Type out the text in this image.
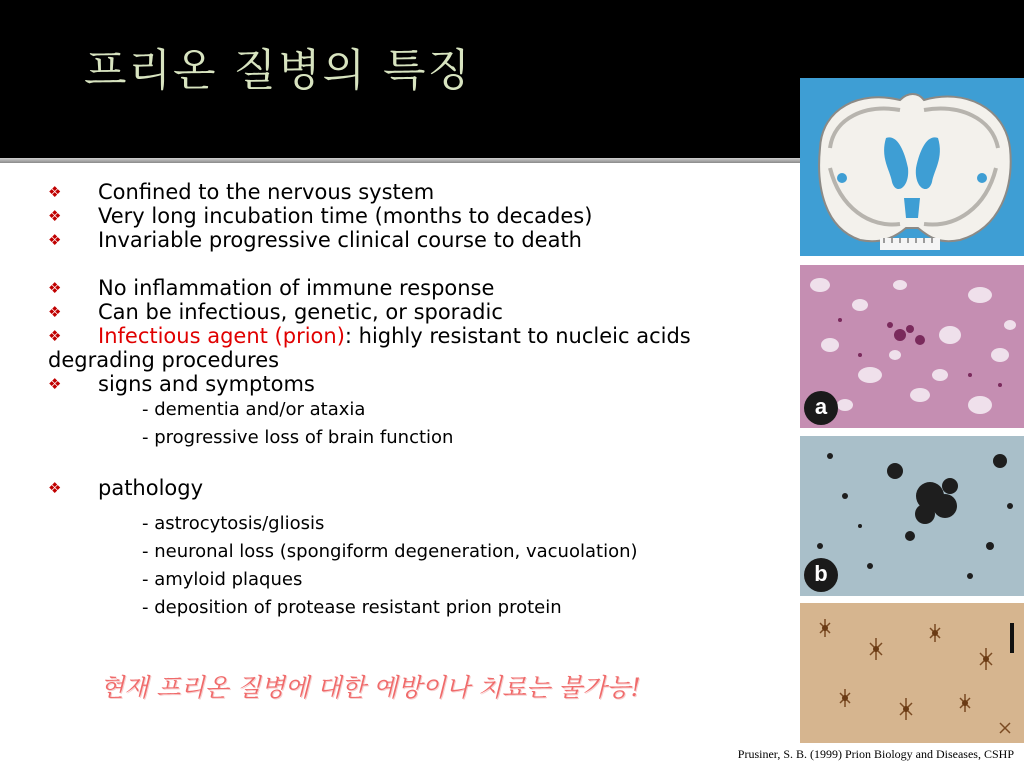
프리온 질병의 특징
❖ Confined to the nervous system
❖ Very long incubation time (months to decades)
❖ Invariable progressive clinical course to death
❖ No inflammation of immune response
❖ Can be infectious, genetic, or sporadic
❖ Infectious agent (prion): highly resistant to nucleic acids degrading procedures
❖ signs and symptoms
- dementia and/or ataxia
- progressive loss of brain function
❖ pathology
- astrocytosis/gliosis
- neuronal loss (spongiform degeneration, vacuolation)
- amyloid plaques
- deposition of protease resistant prion protein
현재 프리온 질병에 대한 예방이나 치료는 불가능!
Prusiner, S. B. (1999) Prion Biology and Diseases, CSHP
a
b
